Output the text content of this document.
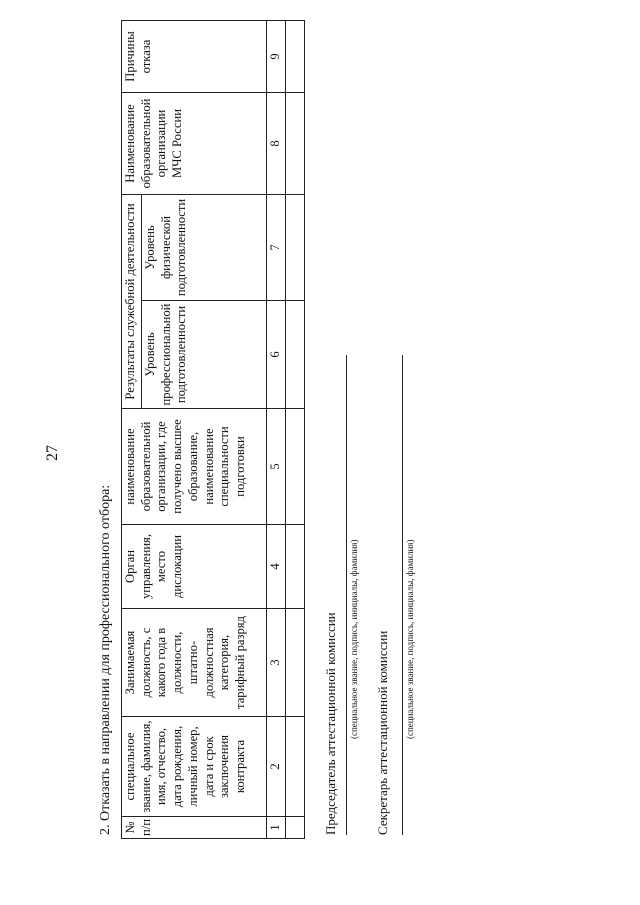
27
2. Отказать в направлении для профессионального отбора: № п/п	специальное звание, фамилия, имя, отчество, дата рождения, личный номер, дата и срок заключения контракта	Занимаемая должность, с какого года в должности, штатно-должностная категория, тарифный разряд	Орган управления, место дислокации	наименование образовательной организации, где получено высшее образование, наименование специальности подготовки	Результаты служебной деятельности		Наименование образовательной организации МЧС России	Причины отказа
					Уровень профессиональной подготовленности	Уровень физической подготовленности		
1	2	3	4	5	6	7	8	9

Председатель аттестационной комиссии (специальное звание, подпись, инициалы, фамилия) Секретарь аттестационной комиссии (специальное звание, подпись, инициалы, фамилия)
